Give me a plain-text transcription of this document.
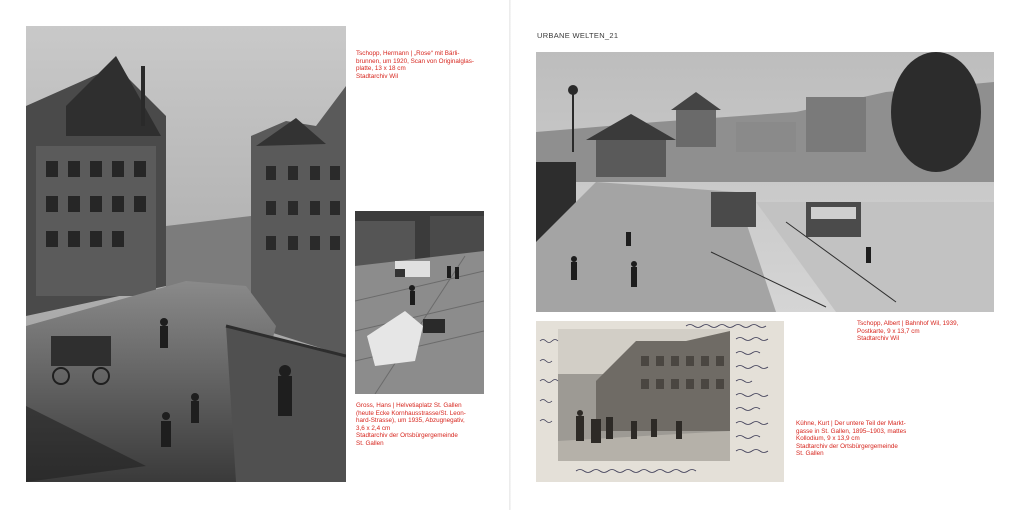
Tschopp, Hermann | „Rose“ mit Bärli-
brunnen, um 1920, Scan von Originalglas-
platte, 13 x 18 cm
Stadtarchiv Wil
Gross, Hans | Helvetiaplatz St. Gallen
(heute Ecke Kornhausstrasse/St. Leon-
hard-Strasse), um 1935, Abzugnegativ,
3,6 x 2,4 cm
Stadtarchiv der Ortsbürgergemeinde
St. Gallen
URBANE WELTEN_21
Tschopp, Albert | Bahnhof Wil, 1939,
Postkarte, 9 x 13,7 cm
Stadtarchiv Wil
Kühne, Kurt | Der untere Teil der Markt-
gasse in St. Gallen, 1895–1903, mattes
Kollodium, 9 x 13,9 cm
Stadtarchiv der Ortsbürgergemeinde
St. Gallen
